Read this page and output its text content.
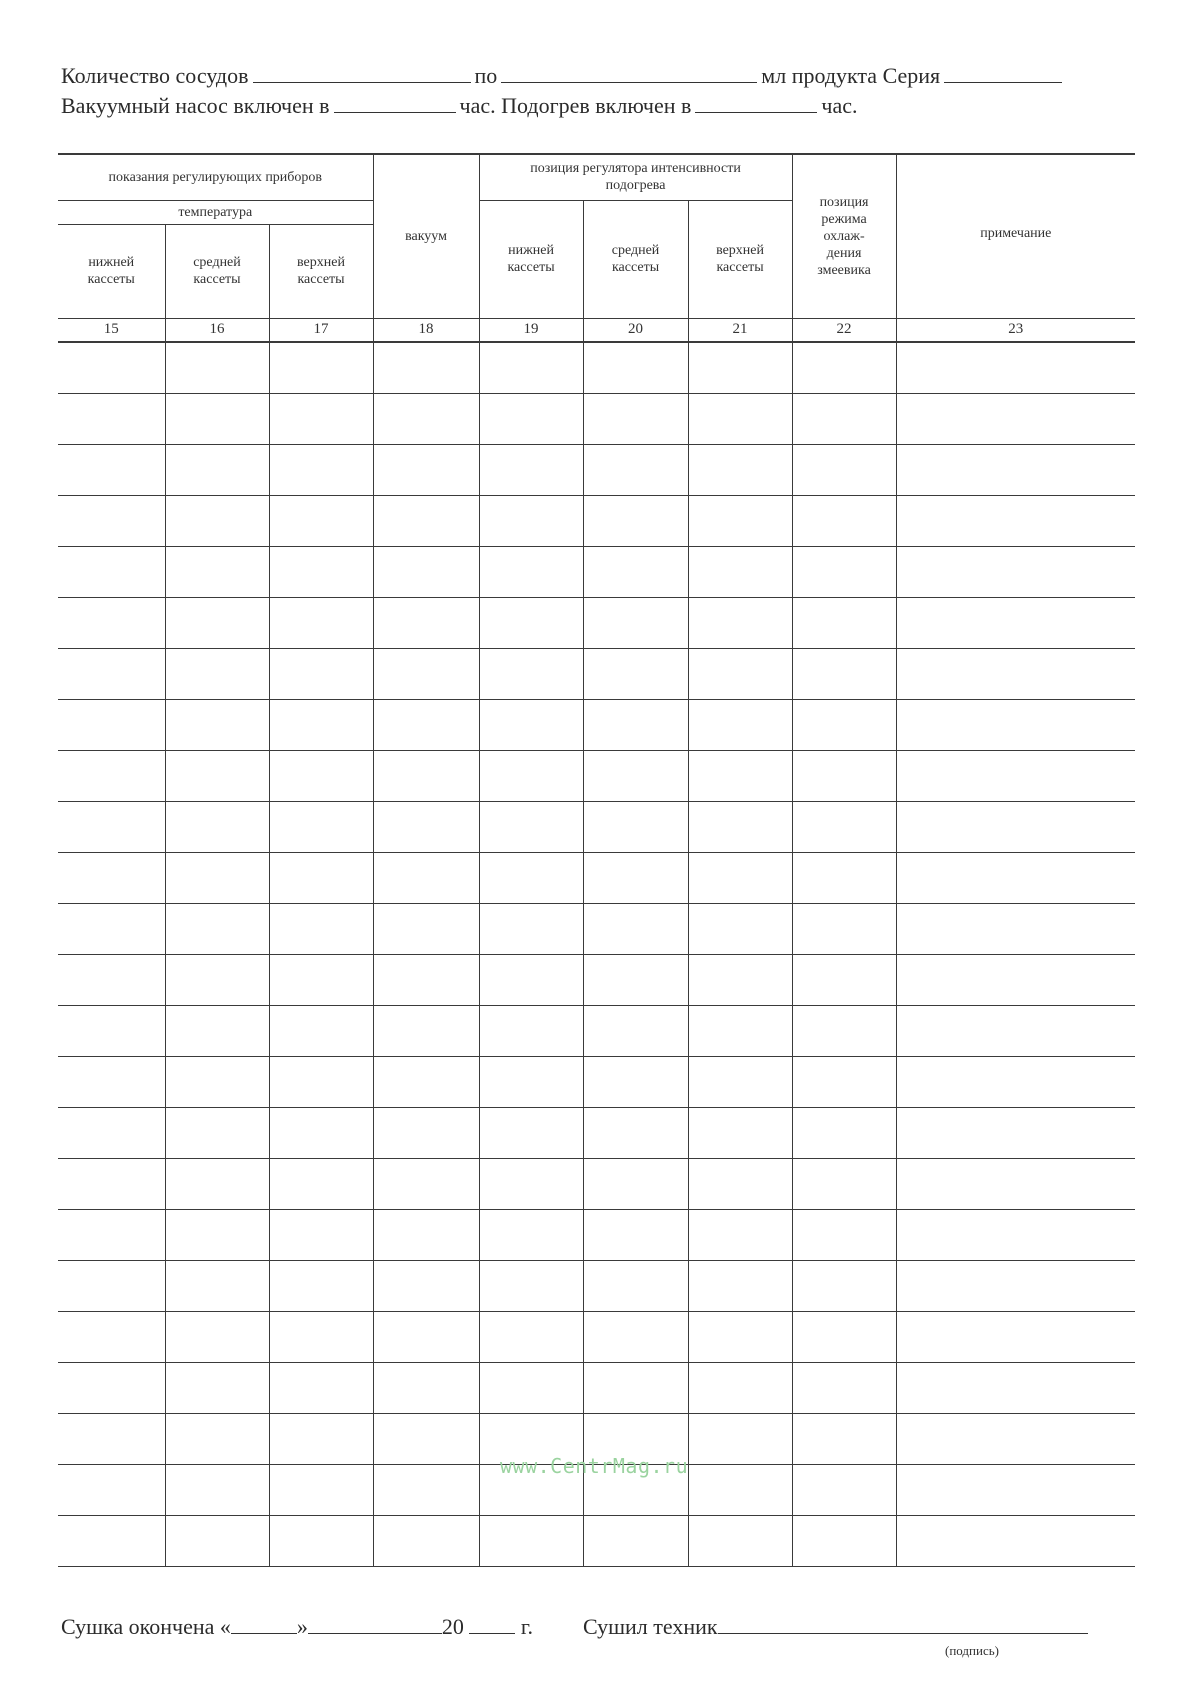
Количество сосудов	по	мл продукта Серия
Вакуумный насос включен в	час. Подогрев включен в	час.
показания регулирующих приборов			вакуум	позиция регулятора интенсивности подогрева			позиция режима охлаж-дения змеевика	примечание
температура				нижней кассеты	средней кассеты	верхней кассеты		
нижней кассеты	средней кассеты	верхней кассеты						
15	16	17	18	19	20	21	22	23

www.CentrMag.ru
Сушка окончена «	»	20	г. Сушил техник
(подпись)
